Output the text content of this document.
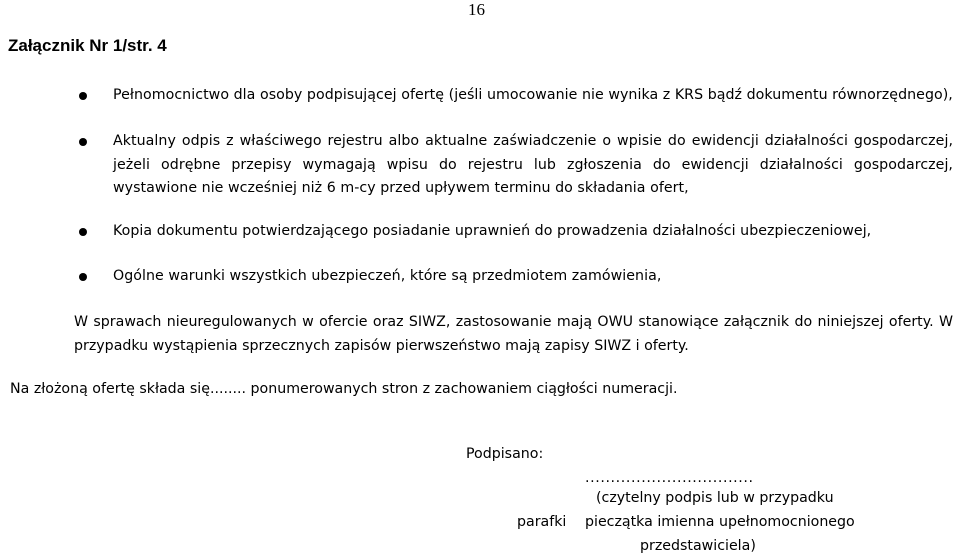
16
Załącznik Nr 1/str. 4
Pełnomocnictwo dla osoby podpisującej ofertę (jeśli umocowanie nie wynika z KRS bądź dokumentu równorzędnego),
Aktualny odpis z właściwego rejestru albo aktualne zaświadczenie o wpisie do ewidencji działalności gospodarczej, jeżeli odrębne przepisy wymagają wpisu do rejestru lub zgłoszenia do ewidencji działalności gospodarczej, wystawione nie wcześniej niż 6 m-cy przed upływem terminu do składania ofert,
Kopia dokumentu potwierdzającego posiadanie uprawnień do prowadzenia działalności ubezpieczeniowej,
Ogólne warunki wszystkich ubezpieczeń, które są przedmiotem zamówienia,
W sprawach nieuregulowanych w ofercie oraz SIWZ, zastosowanie mają OWU stanowiące załącznik do niniejszej oferty. W przypadku wystąpienia sprzecznych zapisów pierwszeństwo mają zapisy SIWZ i oferty.
Na złożoną ofertę składa się........ ponumerowanych stron z zachowaniem ciągłości numeracji.
Podpisano:
.................................
(czytelny podpis lub w przypadku
parafki pieczątka imienna upełnomocnionego
przedstawiciela)
